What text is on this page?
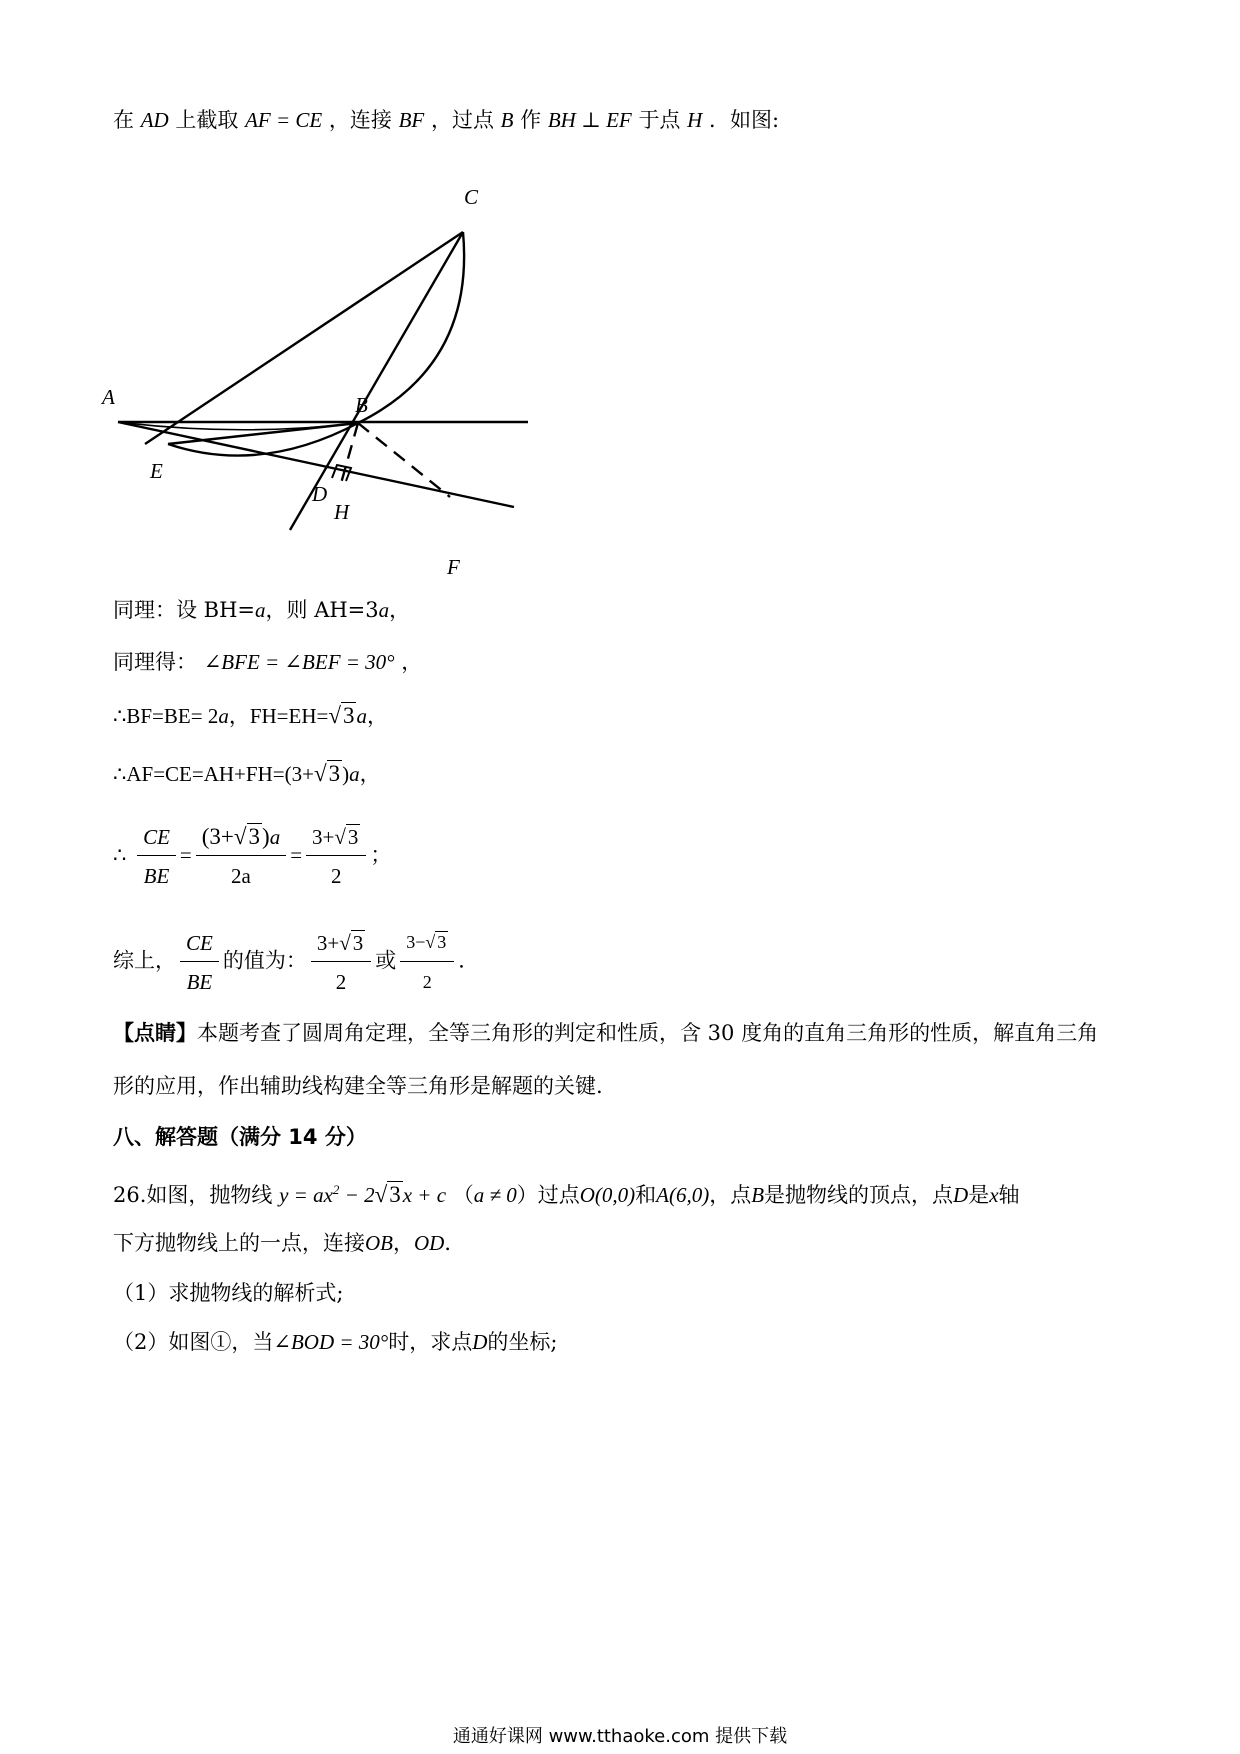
在 AD 上截取 AF = CE ，连接 BF ，过点 B 作 BH ⊥ EF 于点 H ．如图:
C
B
A
E
D
H
F
同理：设 BH=a，则 AH=3a，
同理得： ∠BFE = ∠BEF = 30° ，
∴BF=BE= 2a，FH=EH=√3a，
∴AF=CE=AH+FH=(3+√3)a，
∴ $\frac{CE}{BE} = \frac{(3+√3)a}{2a} = \frac{3+√3}{2}$ ；
综上， $\frac{CE}{BE}$ 的值为： $\frac{3+√3}{2}$ 或 $\frac{3-√ 3}{2}$ ．
【点睛】本题考查了圆周角定理，全等三角形的判定和性质，含 30 度角的直角三角形的性质，解直角三角
形的应用，作出辅助线构建全等三角形是解题的关键.
八、解答题（满分 14 分）
26.如图，抛物线 $y = ax^2 - 2√3x + c$ （a ≠ 0）过点O(0,0)和A(6,0)，点B是抛物线的顶点，点D是x轴
下方抛物线上的一点，连接OB，OD．
（1）求抛物线的解析式;
（2）如图①，当∠BOD = 30°时，求点D的坐标;
通通好课网 www.tthaoke.com 提供下载
